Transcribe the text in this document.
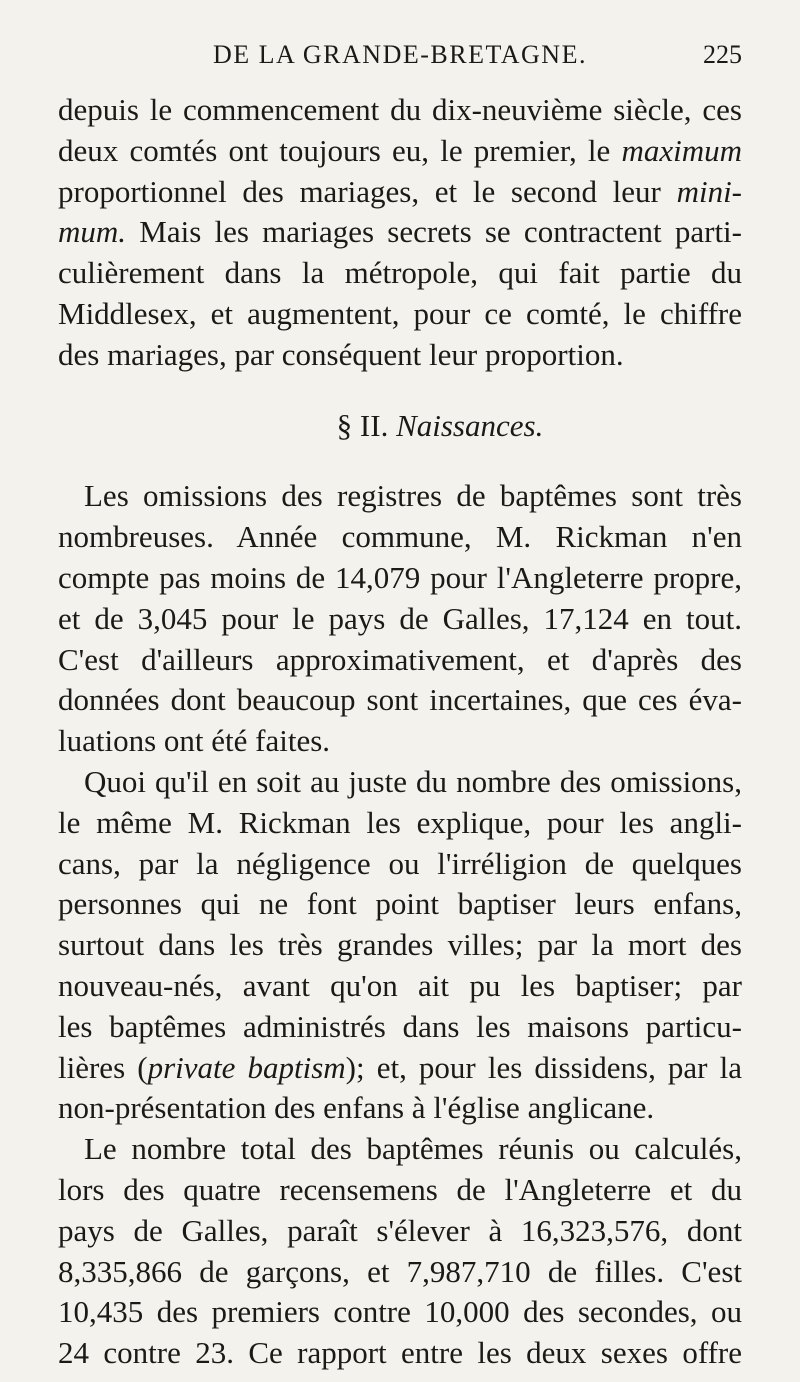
DE LA GRANDE-BRETAGNE.	225
depuis le commencement du dix-neuvième siècle, ces
deux comtés ont toujours eu, le premier, le maximum
proportionnel des mariages, et le second leur mini-
mum. Mais les mariages secrets se contractent parti-
culièrement dans la métropole, qui fait partie du
Middlesex, et augmentent, pour ce comté, le chiffre
des mariages, par conséquent leur proportion.
§ II. Naissances.
Les omissions des registres de baptêmes sont très
nombreuses. Année commune, M. Rickman n'en
compte pas moins de 14,079 pour l'Angleterre propre,
et de 3,045 pour le pays de Galles, 17,124 en tout.
C'est d'ailleurs approximativement, et d'après des
données dont beaucoup sont incertaines, que ces éva-
luations ont été faites.
Quoi qu'il en soit au juste du nombre des omissions,
le même M. Rickman les explique, pour les angli-
cans, par la négligence ou l'irréligion de quelques
personnes qui ne font point baptiser leurs enfans,
surtout dans les très grandes villes; par la mort des
nouveau-nés, avant qu'on ait pu les baptiser; par
les baptêmes administrés dans les maisons particu-
lières (private baptism); et, pour les dissidens, par la
non-présentation des enfans à l'église anglicane.
Le nombre total des baptêmes réunis ou calculés,
lors des quatre recensemens de l'Angleterre et du
pays de Galles, paraît s'élever à 16,323,576, dont
8,335,866 de garçons, et 7,987,710 de filles. C'est
10,435 des premiers contre 10,000 des secondes, ou
24 contre 23. Ce rapport entre les deux sexes offre
